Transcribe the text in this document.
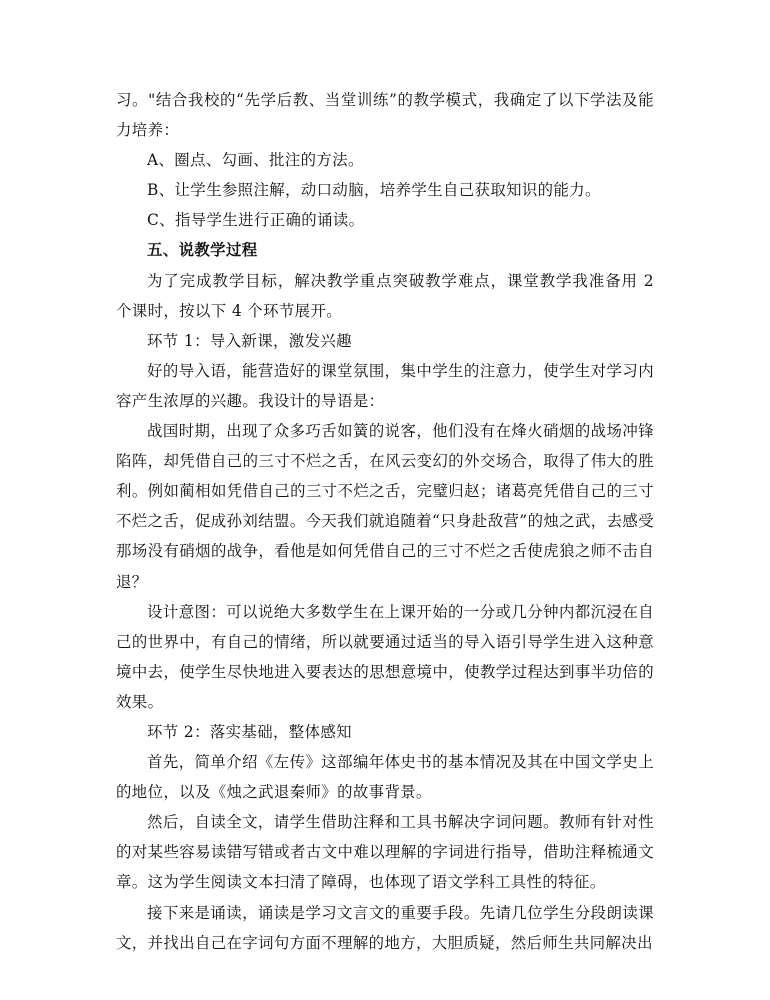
习。"结合我校的“先学后教、当堂训练”的教学模式，我确定了以下学法及能力培养：

A、圈点、勾画、批注的方法。

B、让学生参照注解，动口动脑，培养学生自己获取知识的能力。

C、指导学生进行正确的诵读。

五、说教学过程

为了完成教学目标，解决教学重点突破教学难点，课堂教学我准备用 2 个课时，按以下 4 个环节展开。

环节 1：导入新课，激发兴趣

好的导入语，能营造好的课堂氛围，集中学生的注意力，使学生对学习内容产生浓厚的兴趣。我设计的导语是：

战国时期，出现了众多巧舌如簧的说客，他们没有在烽火硝烟的战场冲锋陷阵，却凭借自己的三寸不烂之舌，在风云变幻的外交场合，取得了伟大的胜利。例如蔺相如凭借自己的三寸不烂之舌，完璧归赵；诸葛亮凭借自己的三寸不烂之舌，促成孙刘结盟。今天我们就追随着“只身赴敌营”的烛之武，去感受那场没有硝烟的战争，看他是如何凭借自己的三寸不烂之舌使虎狼之师不击自退？

设计意图：可以说绝大多数学生在上课开始的一分或几分钟内都沉浸在自己的世界中，有自己的情绪，所以就要通过适当的导入语引导学生进入这种意境中去，使学生尽快地进入要表达的思想意境中，使教学过程达到事半功倍的效果。

环节 2：落实基础，整体感知

首先，简单介绍《左传》这部编年体史书的基本情况及其在中国文学史上的地位，以及《烛之武退秦师》的故事背景。

然后，自读全文，请学生借助注释和工具书解决字词问题。教师有针对性的对某些容易读错写错或者古文中难以理解的字词进行指导，借助注释梳通文章。这为学生阅读文本扫清了障碍，也体现了语文学科工具性的特征。

接下来是诵读，诵读是学习文言文的重要手段。先请几位学生分段朗读课文，并找出自己在字词句方面不理解的地方，大胆质疑，然后师生共同解决出
